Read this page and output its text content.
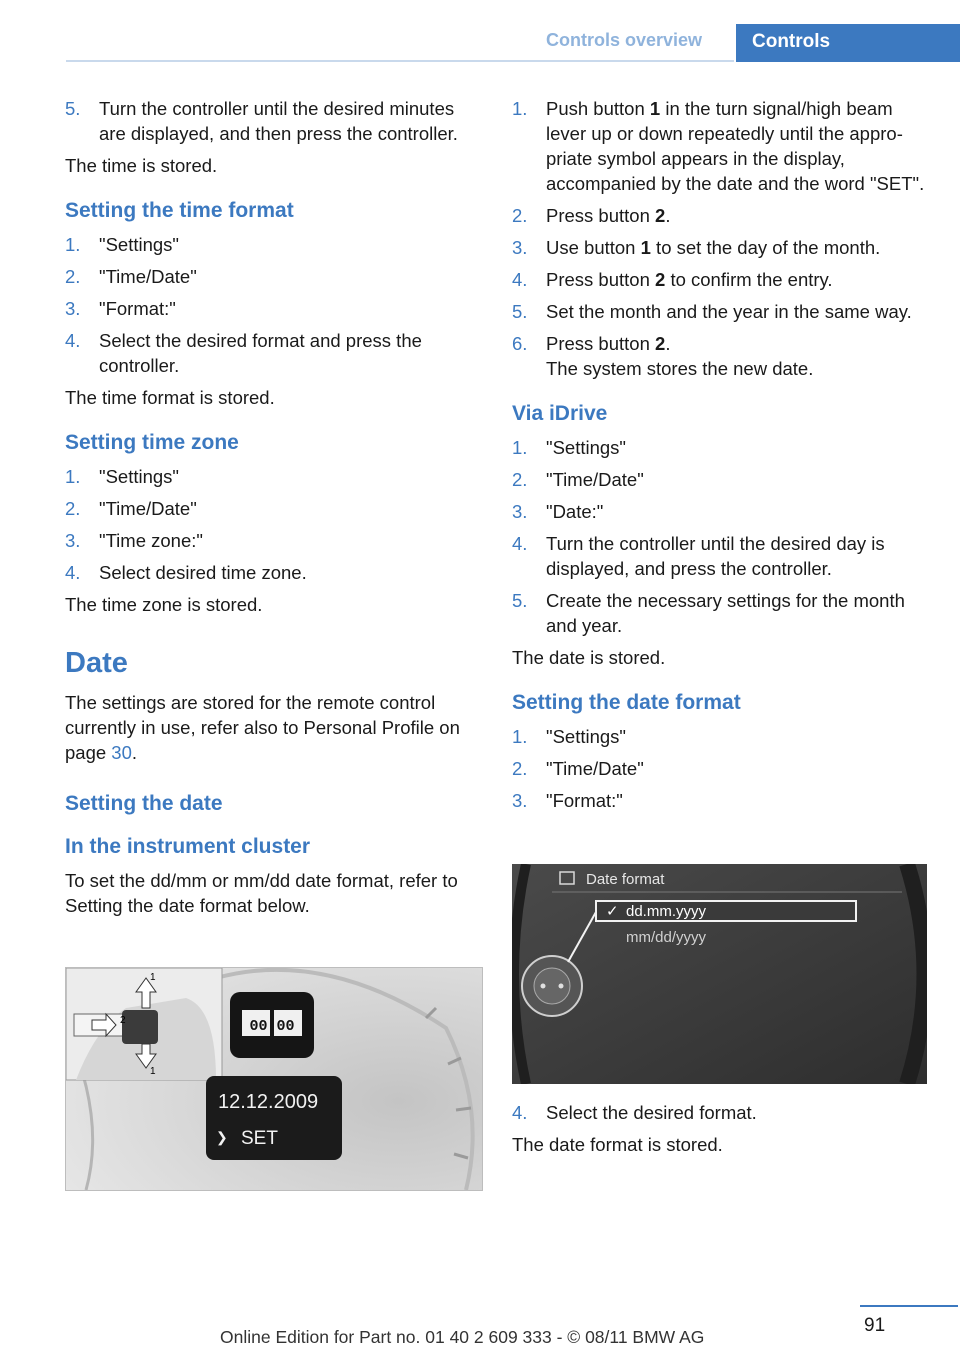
Controls overview	Controls
5. Turn the controller until the desired minutes are displayed, and then press the controller.
The time is stored.
Setting the time format
1. "Settings"
2. "Time/Date"
3. "Format:"
4. Select the desired format and press the controller.
The time format is stored.
Setting time zone
1. "Settings"
2. "Time/Date"
3. "Time zone:"
4. Select desired time zone.
The time zone is stored.
Date
The settings are stored for the remote control currently in use, refer also to Personal Profile on page 30.
Setting the date
In the instrument cluster
To set the dd/mm or mm/dd date format, refer to Setting the date format below.
1
2
1
00 00
12.12.2009
❯ SET
1. Push button 1 in the turn signal/high beam lever up or down repeatedly until the appro-priate symbol appears in the display, accompanied by the date and the word "SET".
2. Press button 2.
3. Use button 1 to set the day of the month.
4. Press button 2 to confirm the entry.
5. Set the month and the year in the same way.
6. Press button 2.
The system stores the new date.
Via iDrive
1. "Settings"
2. "Time/Date"
3. "Date:"
4. Turn the controller until the desired day is displayed, and press the controller.
5. Create the necessary settings for the month and year.
The date is stored.
Setting the date format
1. "Settings"
2. "Time/Date"
3. "Format:"
Date format
✓ dd.mm.yyyy
mm/dd/yyyy
4. Select the desired format.
The date format is stored.
91
Online Edition for Part no. 01 40 2 609 333 - © 08/11 BMW AG
